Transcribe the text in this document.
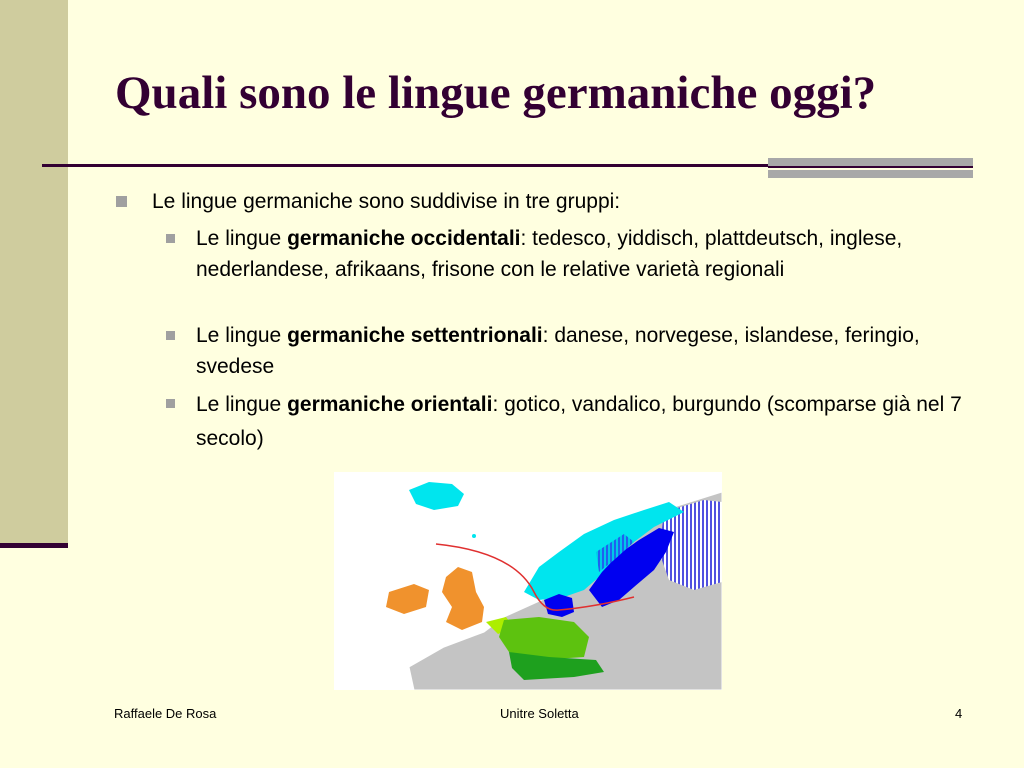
Quali sono le lingue germaniche oggi?
Le lingue germaniche sono suddivise in tre gruppi:
Le lingue germaniche occidentali: tedesco, yiddisch, plattdeutsch, inglese, nederlandese, afrikaans, frisone con le relative varietà regionali
Le lingue germaniche settentrionali: danese, norvegese, islandese, feringio, svedese
Le lingue germaniche orientali: gotico, vandalico, burgundo (scomparse già nel 7 secolo)
Raffaele De Rosa	Unitre Soletta	4
